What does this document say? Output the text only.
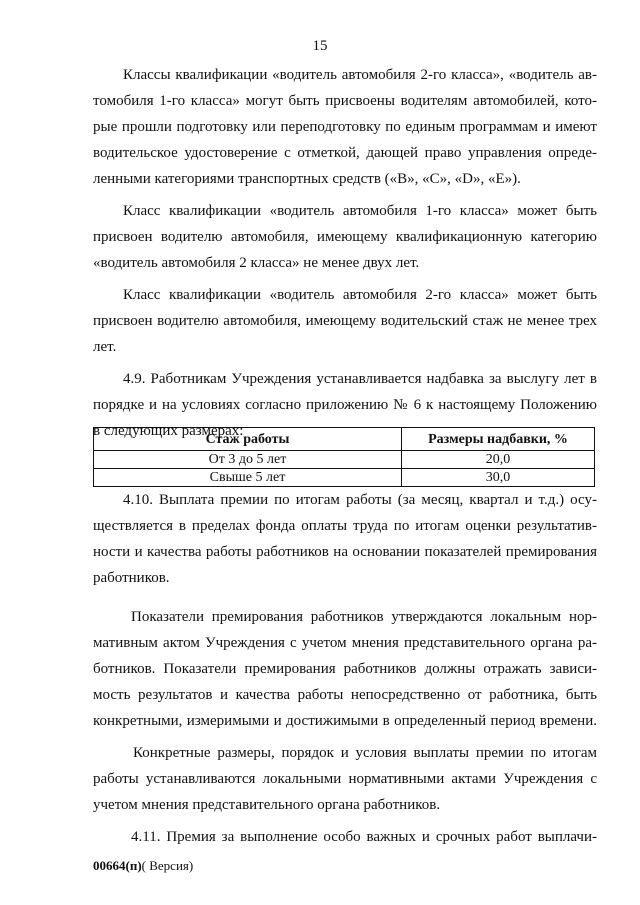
15
Классы квалификации «водитель автомобиля 2-го класса», «водитель ав-
томобиля 1-го класса» могут быть присвоены водителям автомобилей, кото-
рые прошли подготовку или переподготовку по единым программам и имеют
водительское удостоверение с отметкой, дающей право управления опреде-
ленными категориями транспортных средств («B», «C», «D», «E»).
Класс квалификации «водитель автомобиля 1-го класса» может быть
присвоен водителю автомобиля, имеющему квалификационную категорию
«водитель автомобиля 2 класса» не менее двух лет.
Класс квалификации «водитель автомобиля 2-го класса» может быть
присвоен водителю автомобиля, имеющему водительский стаж не менее трех
лет.
4.9. Работникам Учреждения устанавливается надбавка за выслугу лет в
порядке и на условиях согласно приложению № 6 к настоящему Положению
в следующих размерах:
Стаж работы	Размеры надбавки, %
От 3 до 5 лет	20,0
Свыше 5 лет	30,0
4.10. Выплата премии по итогам работы (за месяц, квартал и т.д.) осу-
ществляется в пределах фонда оплаты труда по итогам оценки результатив-
ности и качества работы работников на основании показателей премирования
работников.
Показатели премирования работников утверждаются локальным нор-
мативным актом Учреждения с учетом мнения представительного органа ра-
ботников. Показатели премирования работников должны отражать зависи-
мость результатов и качества работы непосредственно от работника, быть
конкретными, измеримыми и достижимыми в определенный период времени.
Конкретные размеры, порядок и условия выплаты премии по итогам
работы устанавливаются локальными нормативными актами Учреждения с
учетом мнения представительного органа работников.
4.11. Премия за выполнение особо важных и срочных работ выплачи-
00664(п)( Версия)
